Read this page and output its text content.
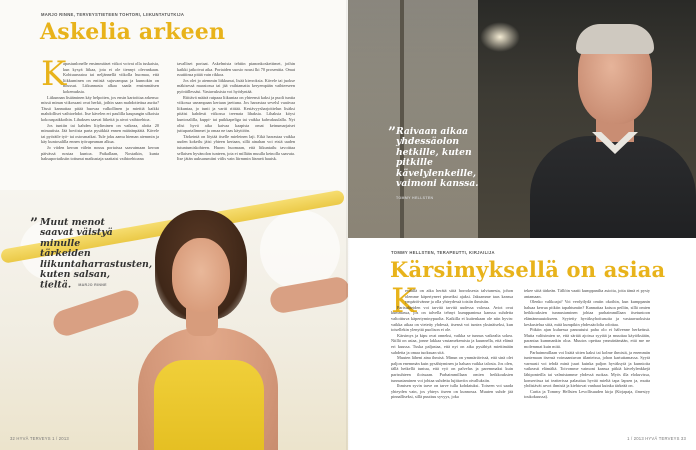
MARJO RINNE, TERVEYSTIETEEN TOHTORI, LIIKUNTATUTKIJA
Askelia arkeen
K

apasiunlonelle ensimmäiset viikot voivat olla tuskaisia, kun kysyä liikaa, jota ei ole tiennyt olevankaan. Kohtuuruutoa tai neljännellä viikolla huomaa, että liikkuminen on entistä sujuvampaa ja kunnokin on noussut. Liikunnasta alkaa saada ensimmäisen kokemuksia.

Liikunnan lisääminen käy helpoiten, jos ensin kartoittaa arkensa: missä minun viikossani ovat herkit, joihin saan mahdottettua aurita? Tässä kannattaa pitää huovaa valkollinen ja miettiä kaikki mahdolliset vaihtoehdot. Itse kävelen eri paulilla kaupungin ulkoisia kokouspaikkoihin. Lihaksen saavat liikettä ja aivot vaihtoehtoa.

Jos tuntiin tai kahden liiyliminen on vaikeaa, aloita 20 minuutista. Jää hoviista parta pysäkkiä ennen määränpäätä. Kävele tai pyöräile työ- tai ostosmatkat. Tule joku aamu hieman aiemmin ja käy kuntosalilla ennen työrupeaman alkua.

Jo viiden kerran välein nousu portaissa saavutmaan kerran päivässä nostaa kuntoa. Paikallaan, Nostatkin, kunta haksuportaiksiin tottunut matkustaja saattaisi vaihtoehtoana

tavalliset portaat. Askelmista tehtiin pianonkoskettimet, joihin kaikki jatkoivat aika. Portaiden suosio nousi lki 70 prosenttia. Omat ruutiiinsa pitää vain rikkoa.

Jos olet jo aiemmin liikkunut, lisää kierroksia. Kävele tai juokse mäkisessä maastossa tai jää vaihtamatta keryempään vaihteeseen pyöräillessäsi. Vastavuksista voi hyödyntää.

Riittävä määrä rutpaaa liikuntaa on yhteensä kaksi ja puoli tuntia viikossa useampaan kertaan jaettuna. Jos harrastaa sevelsl vaativaa liikuntaa, jo tunti ja vartti riittää. Kestävyysharjoittelun lisäksi pitäisi kahdesti viikossa treenata lihaksia. Lihaksia köysi kuntosalilla, kuppi- tai puikkapeliga tai vaikka kahvakuulalla. Nyt olisi hyvä aika kaivaa kaapista omat keinumarjaiset juttupartalimmet ja omaa ne taas käyttöön.

Tärkeintä on löytää itselle mieleinen laji. Eikä harrastaa vaikka uuden kokeilu jäisi yhteen kertaan, sillä ainahan voi etsiä uuden tutuntumiskohteen. Huom huomaan, että liikuntailu tavoittaa sellaisen hyvänolon tunteen, jota ei millään muulla keinolla saavuta. Itse jätän uuksarumiini viilis vain liirmmin läsmeä hauisk.

” Muut menot saavat väistyä minulle tärkeiden liikuntaharrastusten, kuten salsan, tieltä. MARJO RINNE
32 HYVÄ TERVEYS 1 / 2013
” Raivaan aikaa yhdessäolon hetkille, kuten pitkille kävelylenkeille, vaimoni kanssa.
TOMMY HELLSTEN
TOMMY HELLSTEN, TERAPEUTTI, KIRJAILIJA
Kärsimyksellä on asiaa
K

eväällä on aika herätä siitä horroksesta talviunesta, johon olemme käpertyneet pimeiksi ajaksi. Jaksamme taas kanssa ympäröivänne ja olla yhteydessä toisiin ihmisiin.

Parisuhteiden voi tarvitä tarvitä uudessa valossa. Aviot ovat kummassa, jos on talvella tehnyt kumppaninsa kanssa suhdetta valtoittuva käpertyminypuolta. Kaikilla ei kuitenkaan ole niin hyvin: vaikka aikaa on vietetty yhdessä, itsensä voi tuntea yksinäiseksi, kun toisellekin ylenyttä puolison ei ole.

Kärsimys ja kipu ovat onneksi, vaikka se tunnus vaikealta sokea. Niillä on asiaa, jonne lakkaa vastamekemista ja kuunnella, että elämä eri kuussa. Tuska paljastaa, että nyt on aika pysähtyä miettimään suhdetta ja omaa tuoksuan sitä.

Muuten läheni aina ihmisä. Minun on ymmärtävissä, että sinä olet paljon enemmän kuin pysähtyminen ja haluan vaikka talosta. Jos olen, tällä hetkellä tuntuu, että vyö on palvelus ja paremmaksi kuin parisuhteen iloissaan. Parhaimmillaan omien heikkouksien tunnustaminen voi johtaa suhdetta lujittaviin oivalluksiin.

Ihmisen syvin tarve on tarve tulla kohdatuksi. Toiseen voi saada yhteyden vain, jos yhteys itseen on kunnossa. Muuten suhde jää pinnalliseksi, sillä puuttuu syvyys, joka

tekee siitä tärkeän. Tällöin vaatii kumppanilta asioita, joita tämä ei pysty antamaan.

Olenko valikoaja? Voi verdyilydä omiin okoihin, kun kumppanin haluaa kerrua pitkiin tapahtumiin? Kannattaa katsoa peiliin, sillä omien heikkouksien tunnustaminen johtaa parhaimmillaan itsetuntoon elämänmuutokseen. Syytetty hyväksyhoitusutta ja vastaavuoksista keskustelua siitä, mitä kumpikin yhdessäololta odottaa.

Pitkiin ajan kuluessa panoutuisi paha olo ei hälvenne herkeässä. Mutta valitsimien se, että särtää ajoissa syytää ja muuttaa käytöksiään, parantaa kummankin oloa. Muutos opettaa ymmärtämään, että me ne molemmat kuin mitä.

Parhaimmillaan voi lisätä sitten kaksi tai kolme ihmistä, ja enemmän tuntemaan itsensä voimaantuvan tilanteissa, johon kartuttamassa. Syytä varmasti voi tehdä minä juuri kuinka paljon hyväksytä ja kunnioita vaikeasti elämältä. Toivomme vaimoni kanssa pitkiä kävelylenkkejä lähiponteilla tai valmistamme yhdessä ruokaa. Myös illa elokuvissa, konsertissa tai teatterissa palauttaa hyvää mieltä tapa lapsen ja, mutta yhdistävät arvot ihmisiä ja kiehtovat vanhaat kuinka tärkeää on.

Carita ja Tommy Hellsten Levollisuuden kirja (Kirjapaja, ilmestyy toukokuussa).

1 / 2013 HYVÄ TERVEYS 33
